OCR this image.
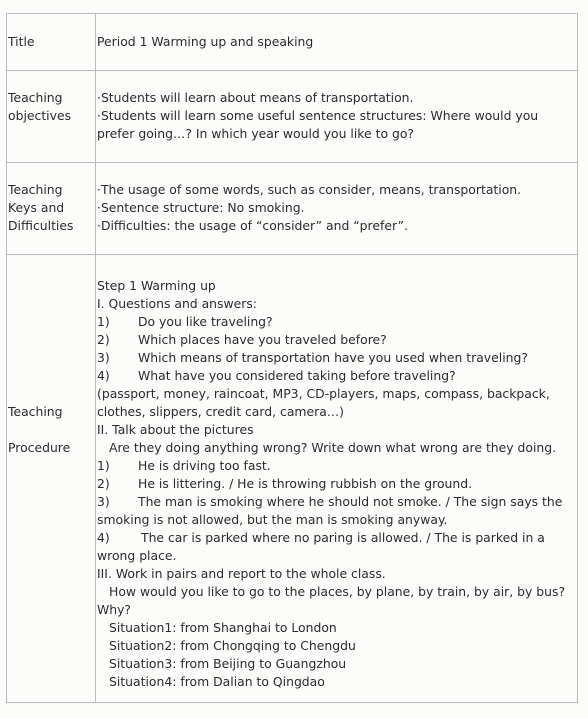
Title	Period 1 Warming up and speaking
Teaching
objectives
·Students will learn about means of transportation.
·Students will learn some useful sentence structures: Where would you
prefer going…? In which year would you like to go?
Teaching
Keys and
Difficulties
·The usage of some words, such as consider, means, transportation.
·Sentence structure: No smoking.
·Difficulties: the usage of “consider” and “prefer”.
Teaching
Procedure
Step 1 Warming up
I. Questions and answers:
1) Do you like traveling?
2) Which places have you traveled before?
3) Which means of transportation have you used when traveling?
4) What have you considered taking before traveling?
(passport, money, raincoat, MP3, CD-players, maps, compass, backpack,
clothes, slippers, credit card, camera…)
II. Talk about the pictures
Are they doing anything wrong? Write down what wrong are they doing.
1) He is driving too fast.
2) He is littering. / He is throwing rubbish on the ground.
3) The man is smoking where he should not smoke. / The sign says the
smoking is not allowed, but the man is smoking anyway.
4)	The car is parked where no paring is allowed. / The is parked in a
wrong place.
III. Work in pairs and report to the whole class.
How would you like to go to the places, by plane, by train, by air, by bus?
Why?
Situation1: from Shanghai to London
Situation2: from Chongqing to Chengdu
Situation3: from Beijing to Guangzhou
Situation4: from Dalian to Qingdao
